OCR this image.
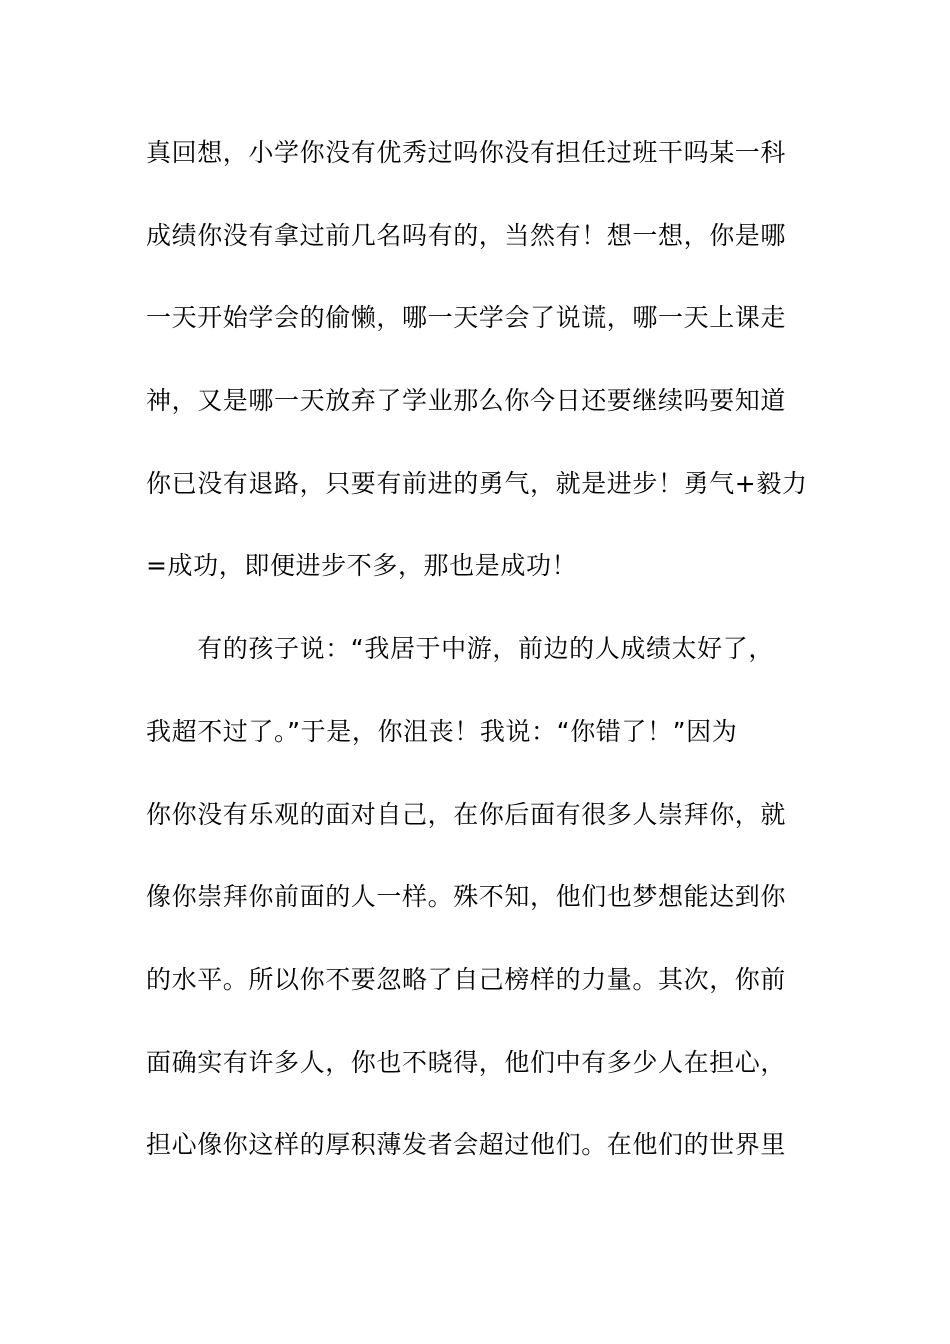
真回想，小学你没有优秀过吗你没有担任过班干吗某一科
成绩你没有拿过前几名吗有的，当然有！想一想，你是哪
一天开始学会的偷懒，哪一天学会了说谎，哪一天上课走
神，又是哪一天放弃了学业那么你今日还要继续吗要知道
你已没有退路，只要有前进的勇气，就是进步！勇气+毅力
=成功，即便进步不多，那也是成功！
　　有的孩子说：“我居于中游，前边的人成绩太好了，
我超不过了。”于是，你沮丧！我说：“你错了！”因为
你你没有乐观的面对自己，在你后面有很多人崇拜你，就
像你崇拜你前面的人一样。殊不知，他们也梦想能达到你
的水平。所以你不要忽略了自己榜样的力量。其次，你前
面确实有许多人，你也不晓得，他们中有多少人在担心，
担心像你这样的厚积薄发者会超过他们。在他们的世界里
